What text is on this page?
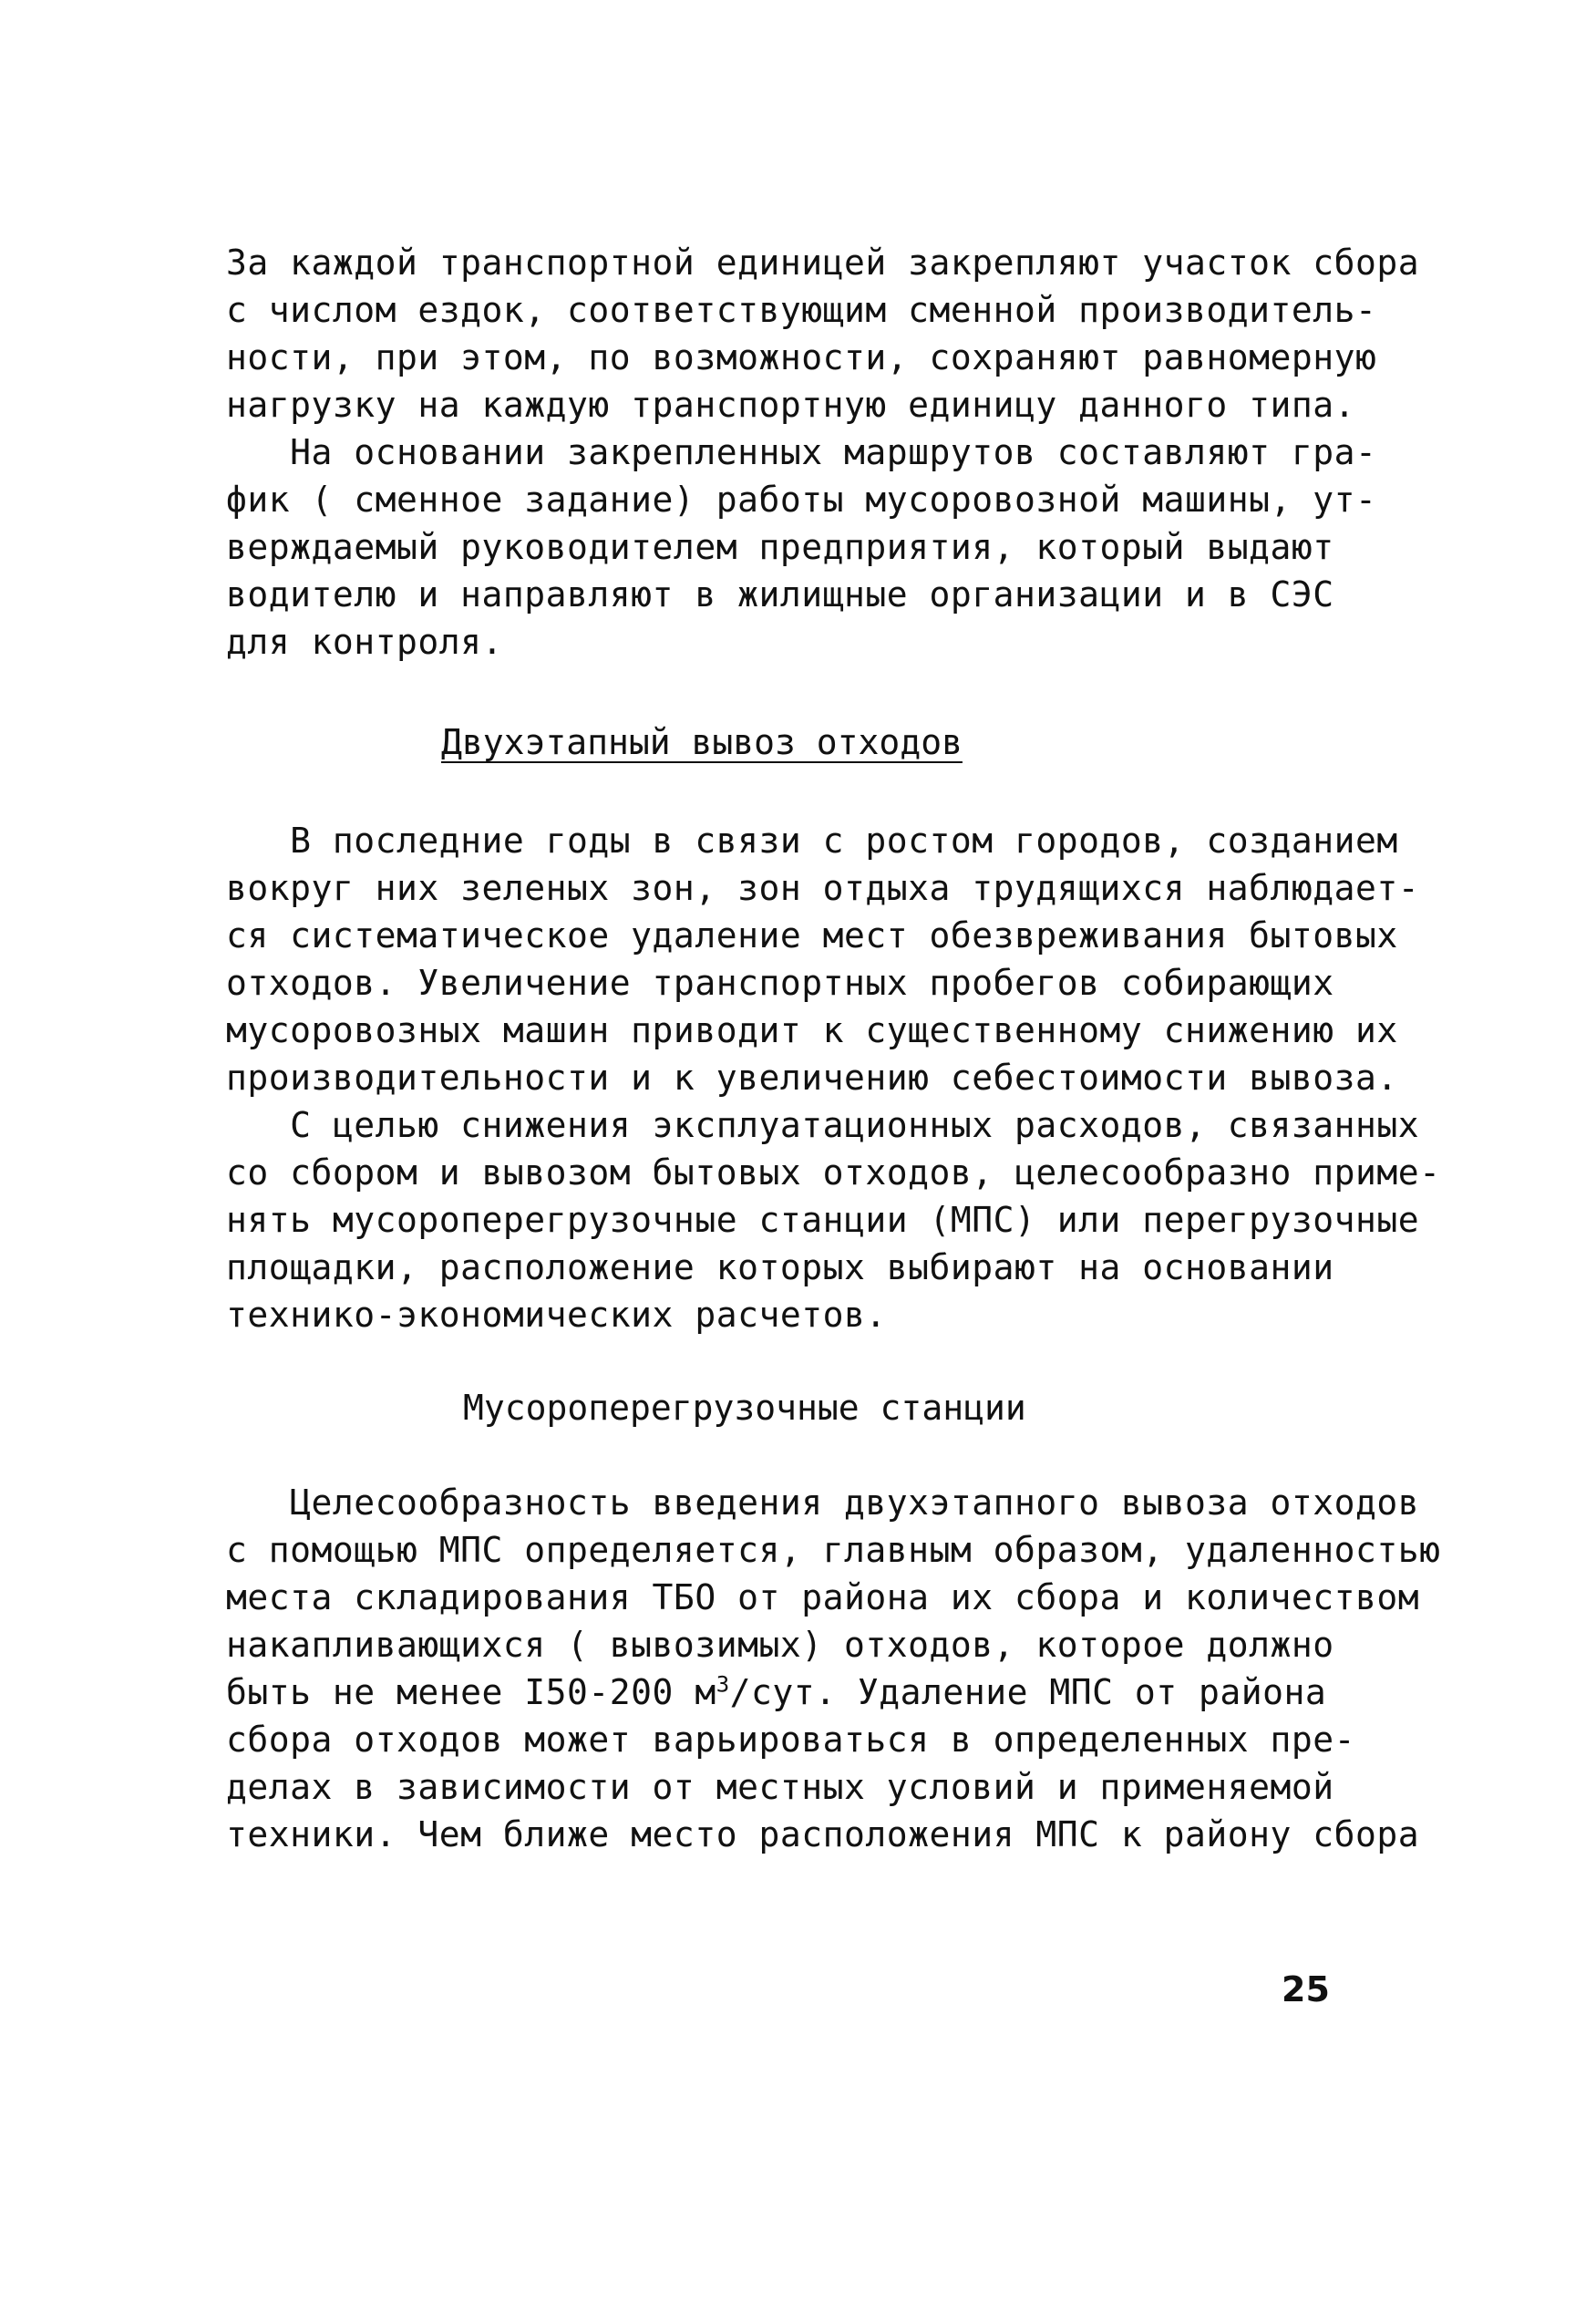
За каждой транспортной единицей закрепляют участок сбора
с числом ездок, соответствующим сменной производитель-
ности, при этом, по возможности, сохраняют равномерную
нагрузку на каждую транспортную единицу данного типа.
На основании закрепленных маршрутов составляют гра-
фик ( сменное задание) работы мусоровозной машины, ут-
верждаемый руководителем предприятия, который выдают
водителю и направляют в жилищные организации и в СЭС
для контроля.
Двухэтапный вывоз отходов
В последние годы в связи с ростом городов, созданием
вокруг них зеленых зон, зон отдыха трудящихся наблюдает-
ся систематическое удаление мест обезвреживания бытовых
отходов. Увеличение транспортных пробегов собирающих
мусоровозных машин приводит к существенному снижению их
производительности и к увеличению себестоимости вывоза.
С целью снижения эксплуатационных расходов, связанных
со сбором и вывозом бытовых отходов, целесообразно приме-
нять мусороперегрузочные станции (МПС) или перегрузочные
площадки, расположение которых выбирают на основании
технико-экономических расчетов.
Мусороперегрузочные станции
Целесообразность введения двухэтапного вывоза отходов
с помощью МПС определяется, главным образом, удаленностью
места складирования ТБО от района их сбора и количеством
накапливающихся ( вывозимых) отходов, которое должно
быть не менее I50-200 $м^3$/сут. Удаление МПС от района
сбора отходов может варьироваться в определенных пре-
делах в зависимости от местных условий и применяемой
техники. Чем ближе место расположения МПС к району сбора
25
